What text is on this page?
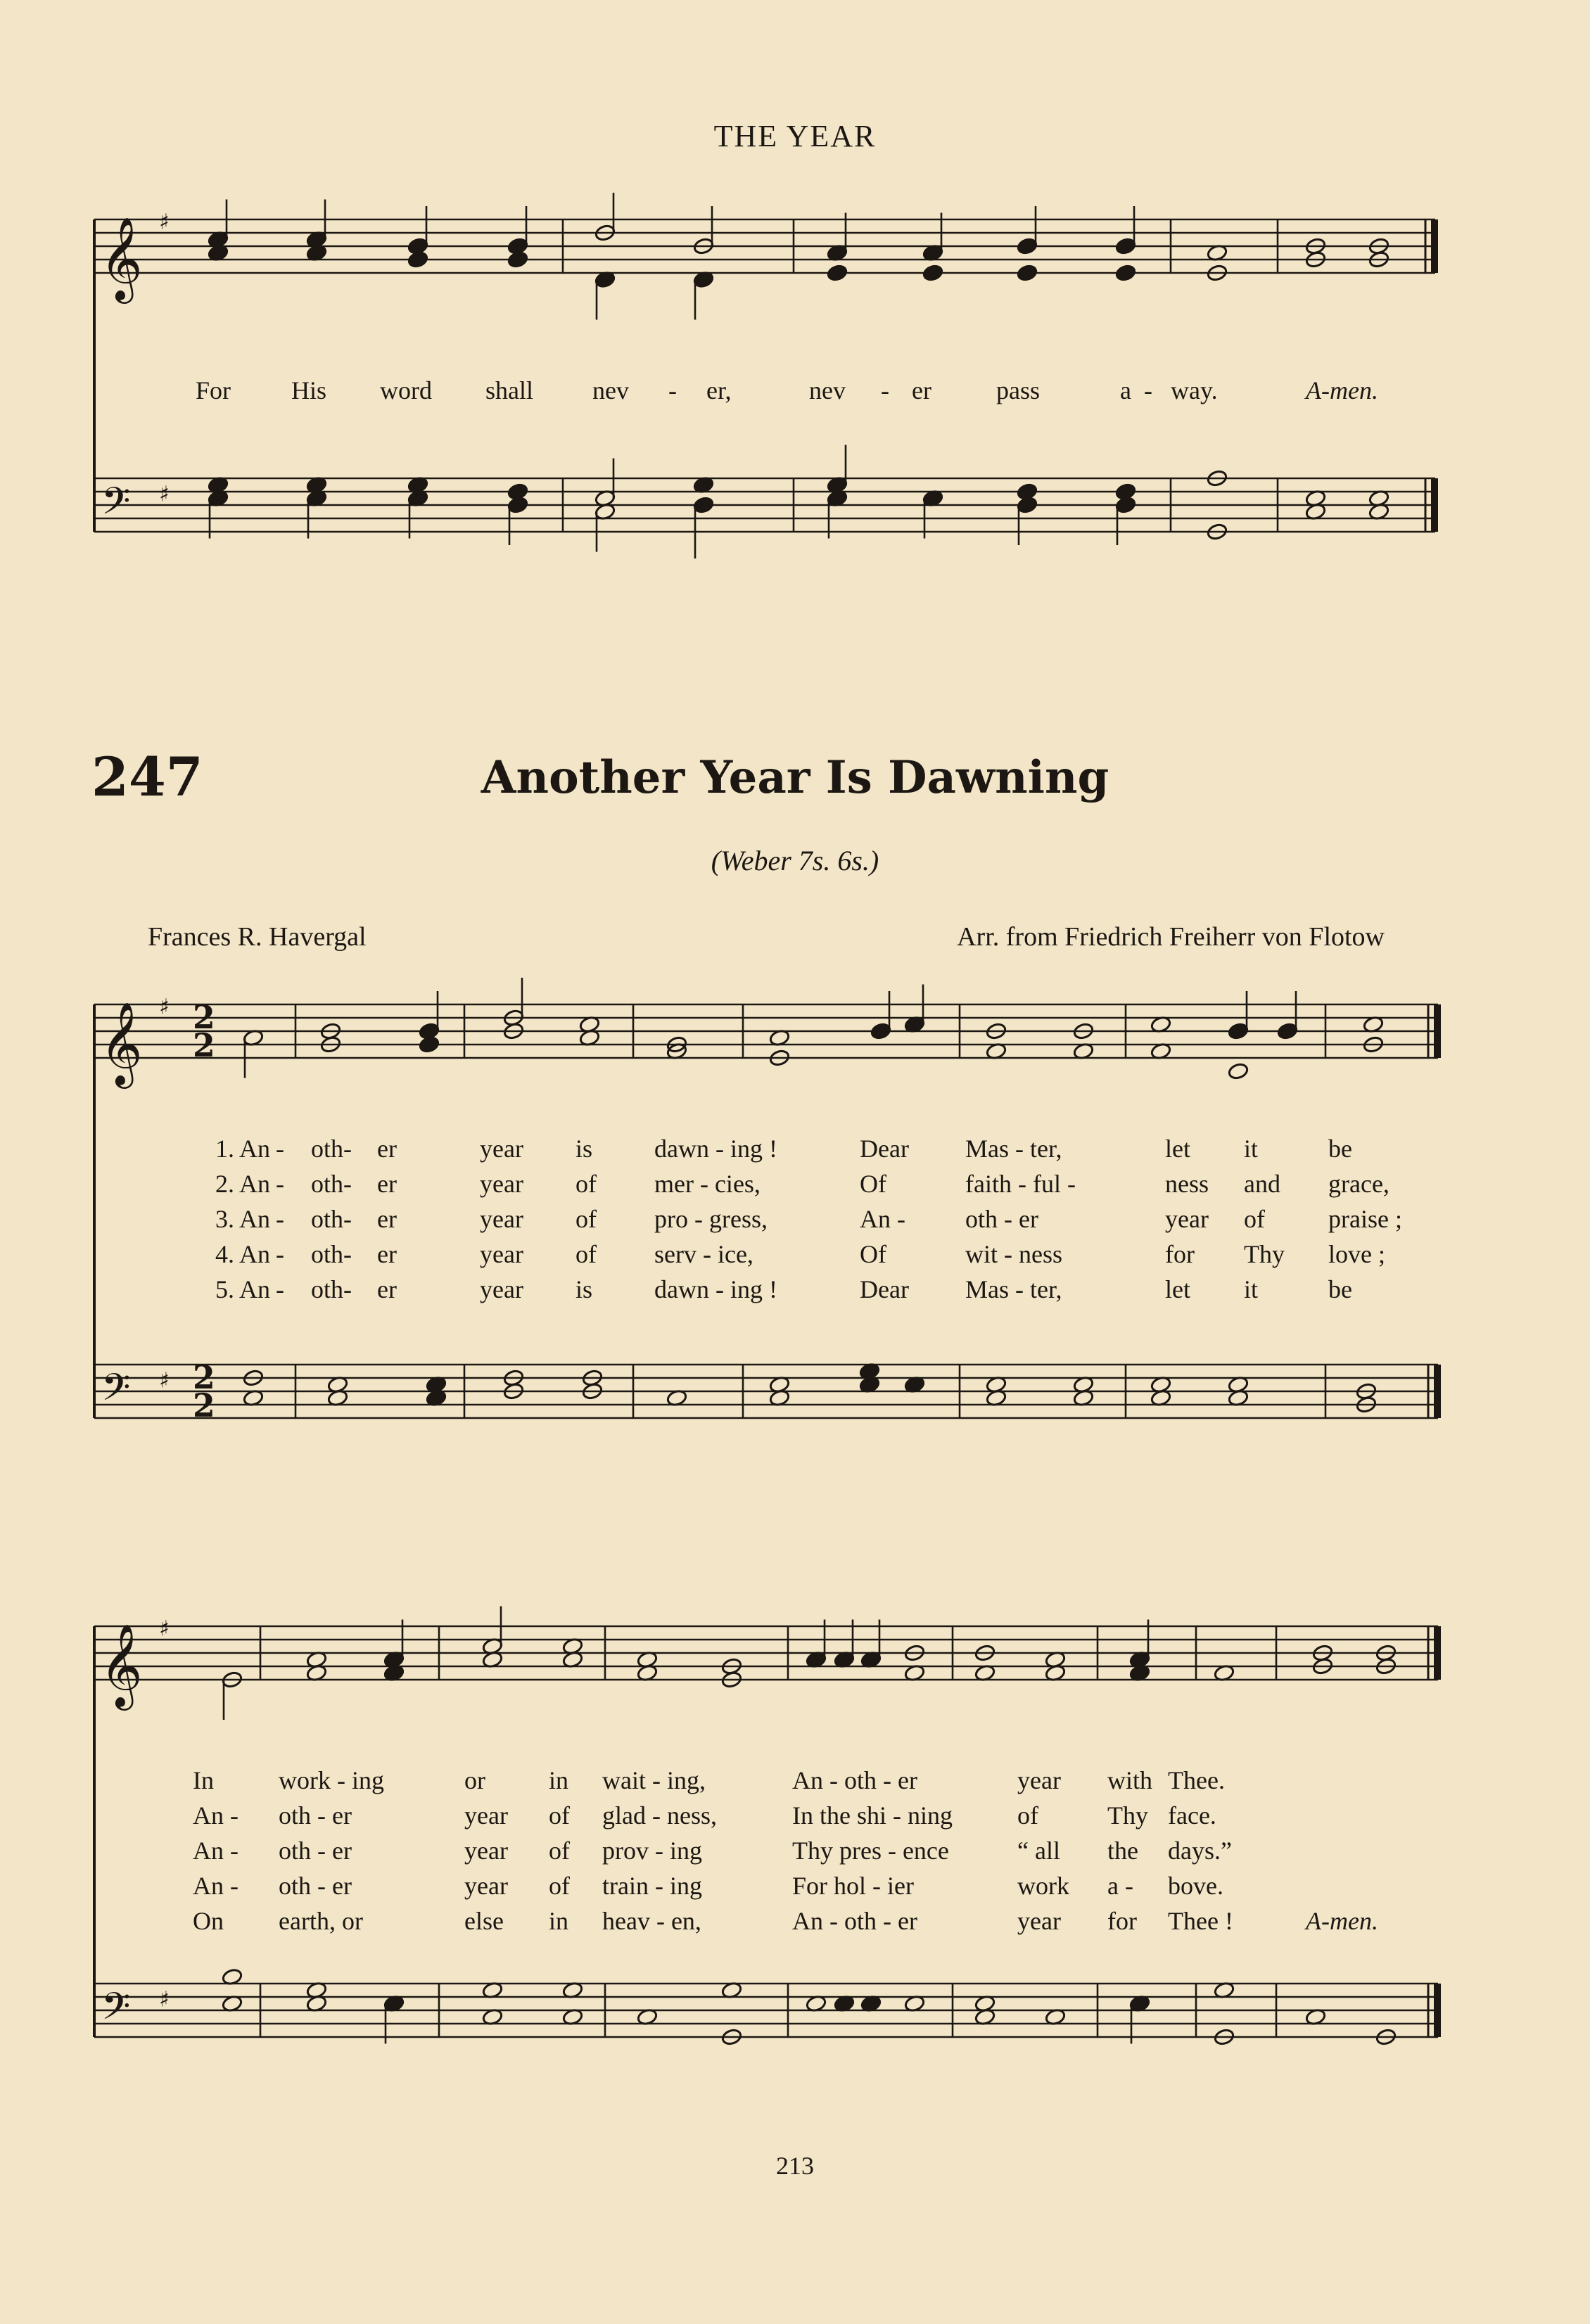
THE YEAR
𝄞
𝄢
♯
♯
For His word shall nev - er,	nev - er	pass	a - way.	A-men.
247	Another Year Is Dawning
(Weber 7s. 6s.)
Frances R. Havergal	Arr. from Friedrich Freiherr von Flotow
𝄞
𝄢
♯
♯
2
2
2
2
1. An - oth - er	year is dawn - ing !	Dear Mas - ter,	let it	be
2. An - oth - er	year of mer - cies,	Of	faith - ful -	ness and grace,
3. An - oth - er	year of pro - gress,	An - oth - er	year of	praise ;
4. An - oth - er	year of serv - ice,	Of	wit - ness	for Thy love ;
5. An - oth - er	year is dawn - ing !	Dear Mas - ter,	let it	be
𝄞
𝄢
♯
♯
In	work - ing	or	in wait - ing,	An - oth - er	year with Thee.
An - oth - er	year of glad - ness,	In the shi - ning	of	Thy face.
An - oth - er	year of prov - ing	Thy pres - ence	“ all the days.”
An - oth - er	year of train - ing	For hol - ier	work a - bove.
On earth, or	else in heav - en,	An - oth - er	year for Thee !	A-men.
213
